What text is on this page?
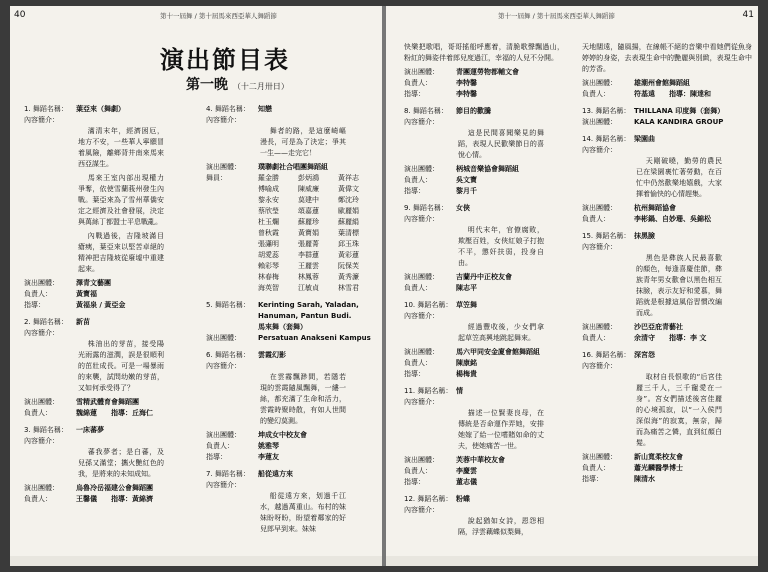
40	第十一屆舞 / 第十屆馬來西亞華人舞蹈節
演出節目表
第一晚 （十二月卅日）
1. 舞蹈名稱：	葉亞來（舞劇）
內容簡介：

滿清末年，經濟困厄，地方不安，一些華人寧願冒着風險，離鄉背井南來馬來西亞謀生。

馬來王室內部出現權力爭奪，依使雪蘭莪州發生內戰。葉亞來為了雪州華僑安定之經濟及社會發展，決定與萬絲丁都盟士平息戰亂。

內戰過後，吉隆坡滿目瘡痍，葉亞來以堅苦卓絕的精神把吉隆坡從廢墟中重建起來。

演出團體：	澤青文藝團
負責人：	黃寶福
指導：	黃福泉 / 黃亞金
2. 舞蹈名稱：	新苗
內容簡介：

株油出的芽苗，接受陽光雨露的滋潤，誤是很順利的茁壯成長。可是一場暴雨的來襲，試問幼嫩的芽苗，又如何承受得了？

演出團體：	雪精武體育會舞蹈團
負責人：	魏綿蓮　　指導：丘海仁
3. 舞蹈名稱：	一床蕃夢
內容簡介：

蕃我夢者；是白蕃，及兒孫又滿堂；攜火艷紅色的我，是將來的未知成知。

演出團體：	烏魯冷岳福建公會舞蹈團
負責人：	王馨儀　　指導：黃綿濟
4. 舞蹈名稱：	知戀
內容簡介：

舞者的路，是這麼崎嶇漫長，可是為了決定；爭其一生——走完它！

演出團體：	璞聯劇社合唱團舞蹈組
舞員：	羅金勝	彭炳鴻	黃祥志
傅喻成	陳威廉	黃偉文
黎永安	莫建中	鄭沈玲
蔡欣瑩	頌嘉蓮	歐麗娟
杜玉爛	蘇麗珍	蘇麗絹
曾秋霞	黃寶娟	葉清標
張瀟明	張麗菁	邱玉珠
胡愛蕊	李群蓮	黃彩蓮
賴彩琴	王麗雲	阮保芙
林春梅	林鳳蓉	黃秀濂
海英智	江敏貞	林雪君
5. 舞蹈名稱：	Kerinting Sarah, Yaladan, Hanuman, Pantun Budi.
馬來舞（套舞）
演出團體：	Persatuan Anakseni Kampus
6. 舞蹈名稱：	雲霞幻影
內容簡介：

在雲霧飄渺間，若隱若現的雲霞隨風飄舞，一縷一絲，都充滿了生命和活力，雲霞時聚時散，有如人世間的變幻莫測。

演出團體：	坤成女中校友會
負責人：	姚雅琴
指導：	李蓮友
7. 舞蹈名稱：	船從遠方來
內容簡介：

船從遠方來，划過千江水，越過萬重山。布村的妹妹盼呀盼，盼望着鄰家的好兒郎早到來。妹妹

41
第十一屆舞 / 第十屆馬來西亞華人舞蹈節

快樂把歌唱，哥哥搖船呼應着，清脆歌聲飄過山，粉紅的舞姿伴着郎兒度過江，幸福的人兒不分開。

演出團體：	青團運勞物都輔文會
負責人：	李特馨
指導：	李特馨
8. 舞蹈名稱：	節目的歡騰
內容簡介：

這是民間喜聞樂見的舞蹈，表現人民歡樂節日的喜悅心情。

演出團體：	柄城音樂協會舞蹈組
負責人：	吳文寶
指導：	黎月千
9. 舞蹈名稱：	女俠
內容簡介：

明代末年，官僚腐敗，欺壓百姓，女俠紅娘子打抱不平，懲奸扶弱，投身自由。

演出團體：	吉蘭丹中正校友會
負責人：	陳志平
10. 舞蹈名稱： 草笠舞
內容簡介：

經過豐收後，少女們拿起草笠高興地跳起舞來。

演出團體：	馬六甲同安金廈會館舞蹈組
負責人：	陳康銘
指導：	楊梅貴
11. 舞蹈名稱： 情
內容簡介：

描述一位賢妻良母，在傳統是否命運作弄她，安排她嫁了給一位嗜賭如命的丈夫，使她痛苦一世。

演出團體：	芙蓉中華校友會
負責人：	李慶雲
指導：	董志儀
12. 舞蹈名稱： 粉蝶
內容簡介：

說起猶如女詩，恩怨相隔，浮雲藕蝶似梨舞，

天地闊遠，隨風揚，在線帳不絕的音樂中看她們從魚身婷婷的身姿，去表現生命中的艷麗與別緻，表現生命中的芳香。

演出團體：	雄潮州會館舞蹈組
負責人：	符基遠　　指導：陳達和
13. 舞蹈名稱： THILLANA 印度舞（套舞）
演出團體：	KALA KANDIRA GROUP
14. 舞蹈名稱： 梁園曲
內容簡介：

天剛破曉，勤勞的農民已在梁園裏忙著勞動，在百忙中仍然歡樂地嬉戲，大家揮着愉快的心情趕集。

演出團體：	杭州舞蹈協會
負責人：	李彬鍋、自妙珊、吳錦松
15. 舞蹈名稱： 抹黑臉
內容簡介：

黑色是彝族人民最喜歡的顏色，每逢喜慶佳節，彝族青年男女歡會以黑色相互抹臉，表示友好和愛慕，舞蹈就是根據這風俗習慣改編而成。

演出團體：	沙巴亞庇青藝社
負責人：	余清守　　指導：李 文
16. 舞蹈名稱： 深宮怨
內容簡介：

取材自長恨歌的“后宮佳麗三千人，三千寵愛在一身”。宮女們描述後宮佳麗的心境孤寂，以“一入侯門深似海”的寂寞，無奈，歸而為痛苦之憐，直到紅顏白髮。

演出團體：	新山寬柔校友會
負責人：	蕭光麟醫學博士
指導：	陳清水
